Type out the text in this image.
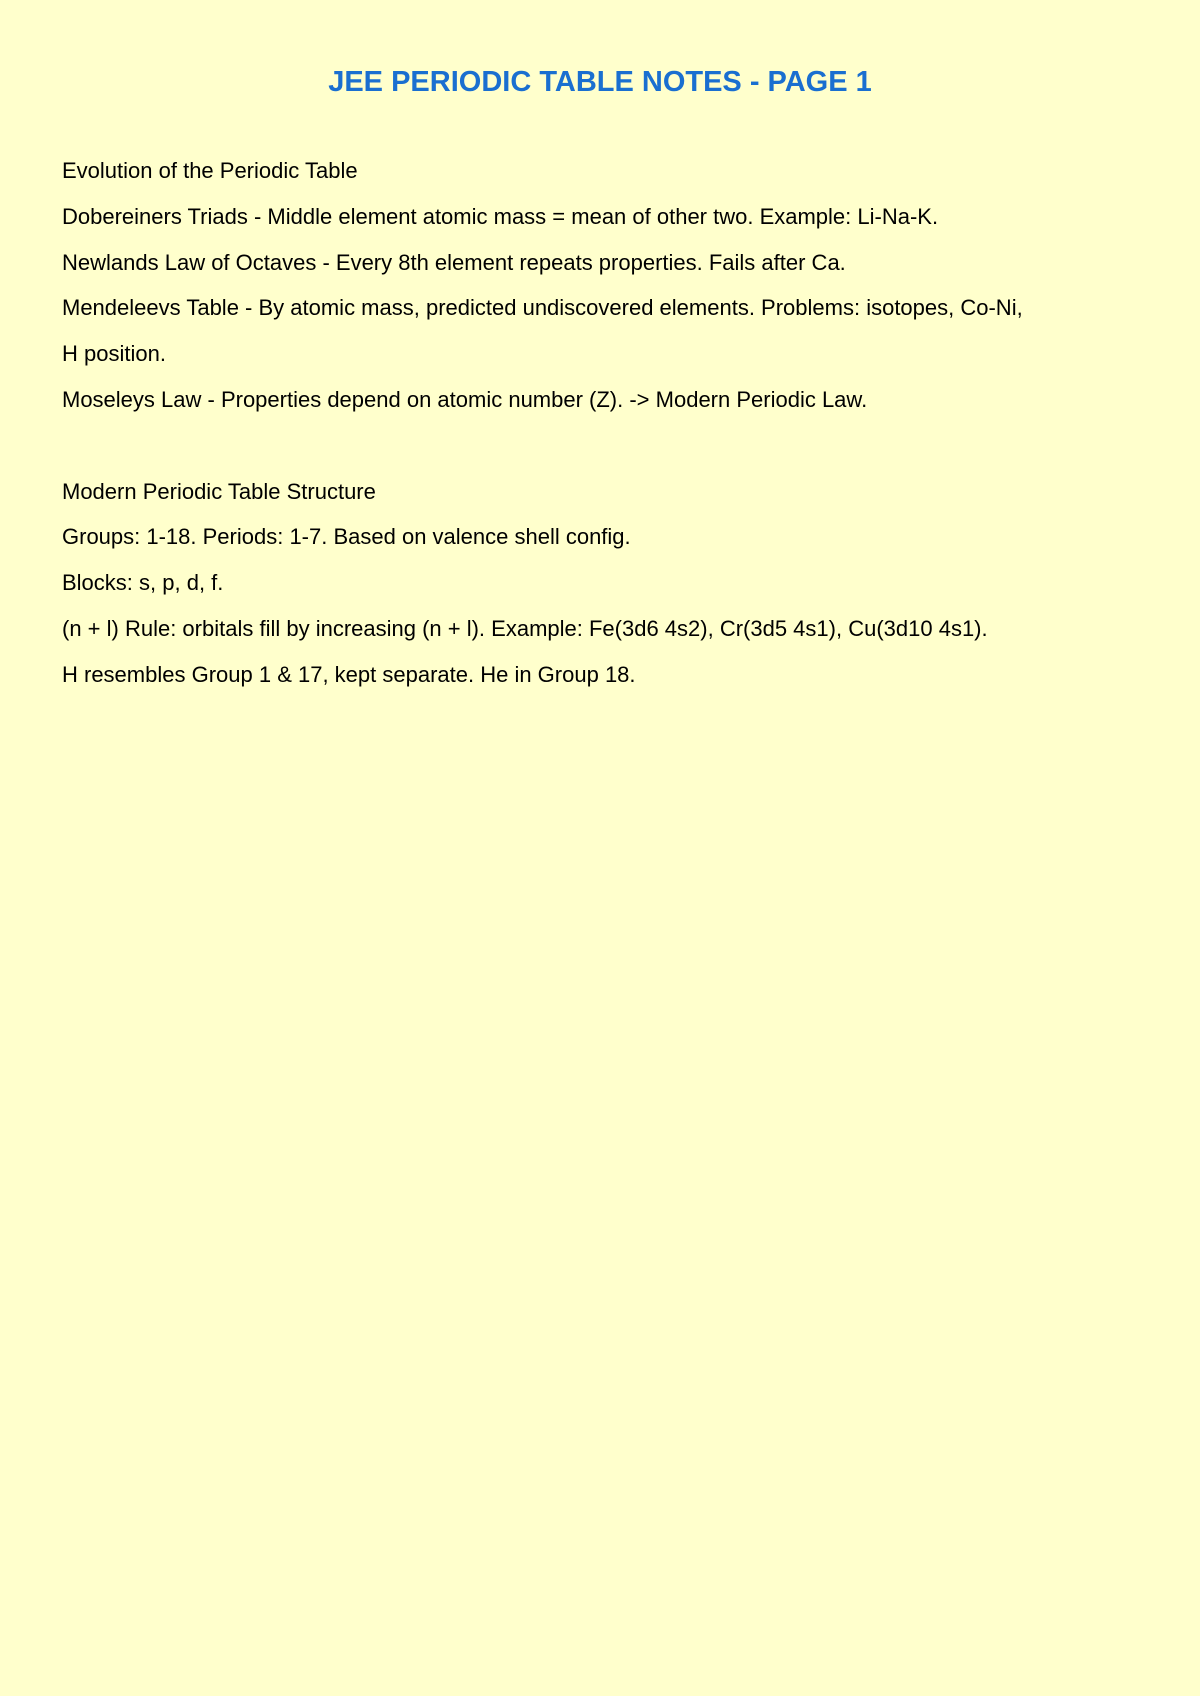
JEE PERIODIC TABLE NOTES - PAGE 1

Evolution of the Periodic Table

Dobereiners Triads - Middle element atomic mass = mean of other two. Example: Li-Na-K.

Newlands Law of Octaves - Every 8th element repeats properties. Fails after Ca.

Mendeleevs Table - By atomic mass, predicted undiscovered elements. Problems: isotopes, Co-Ni,

H position.

Moseleys Law - Properties depend on atomic number (Z). -> Modern Periodic Law.

Modern Periodic Table Structure

Groups: 1-18. Periods: 1-7. Based on valence shell config.

Blocks: s, p, d, f.

(n + l) Rule: orbitals fill by increasing (n + l). Example: Fe(3d6 4s2), Cr(3d5 4s1), Cu(3d10 4s1).

H resembles Group 1 & 17, kept separate. He in Group 18.
